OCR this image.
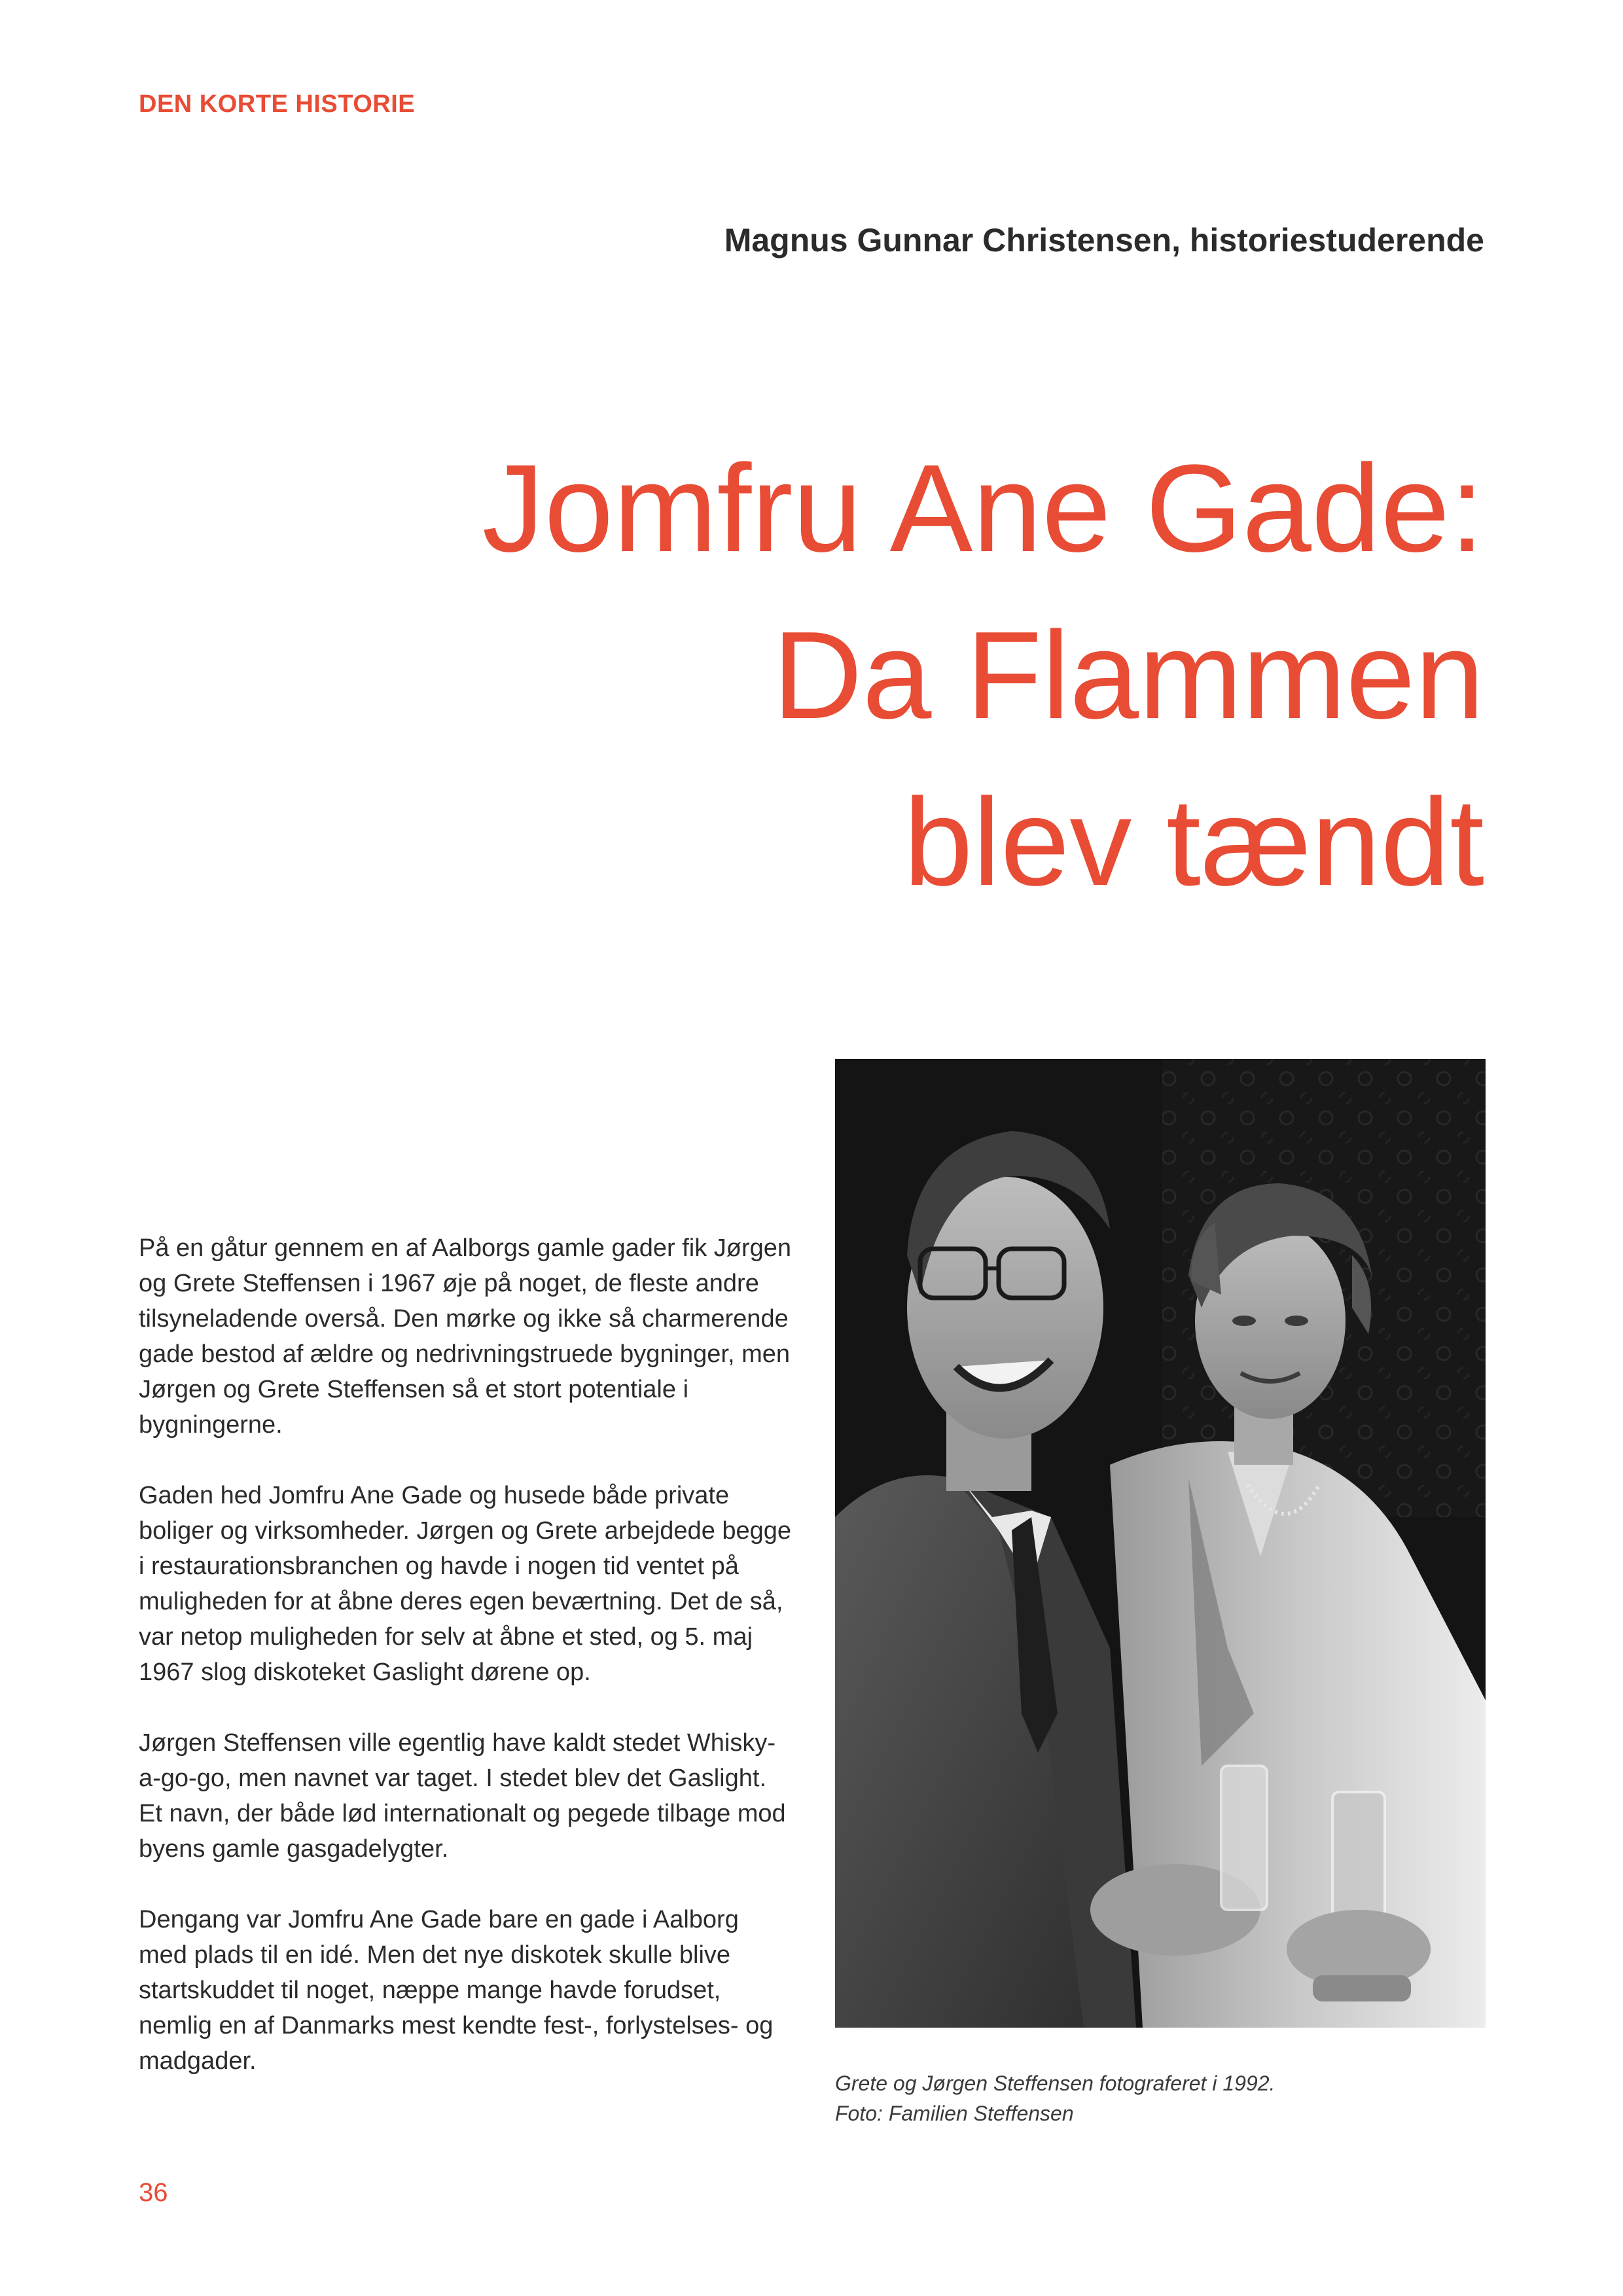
DEN KORTE HISTORIE
Magnus Gunnar Christensen, historiestuderende
Jomfru Ane Gade:
Da Flammen
blev tændt

På en gåtur gennem en af Aalborgs gamle gader fik Jørgen og Grete Steffensen i 1967 øje på noget, de fleste andre tilsyneladende overså. Den mørke og ikke så charmerende gade bestod af ældre og nedrivningstruede bygninger, men Jørgen og Grete Steffensen så et stort potentiale i bygningerne.

Gaden hed Jomfru Ane Gade og husede både private boliger og virksomheder. Jørgen og Grete arbejdede begge i restaurationsbranchen og havde i nogen tid ventet på muligheden for at åbne deres egen beværtning. Det de så, var netop muligheden for selv at åbne et sted, og 5. maj 1967 slog diskoteket Gaslight dørene op.

Jørgen Steffensen ville egentlig have kaldt stedet Whisky-a-go-go, men navnet var taget. I stedet blev det Gaslight. Et navn, der både lød internationalt og pegede tilbage mod byens gamle gasgadelygter.

Dengang var Jomfru Ane Gade bare en gade i Aalborg med plads til en idé. Men det nye diskotek skulle blive startskuddet til noget, næppe mange havde forudset, nemlig en af Danmarks mest kendte fest-, forlystelses- og madgader.

Grete og Jørgen Steffensen fotograferet i 1992.
Foto: Familien Steffensen
36
